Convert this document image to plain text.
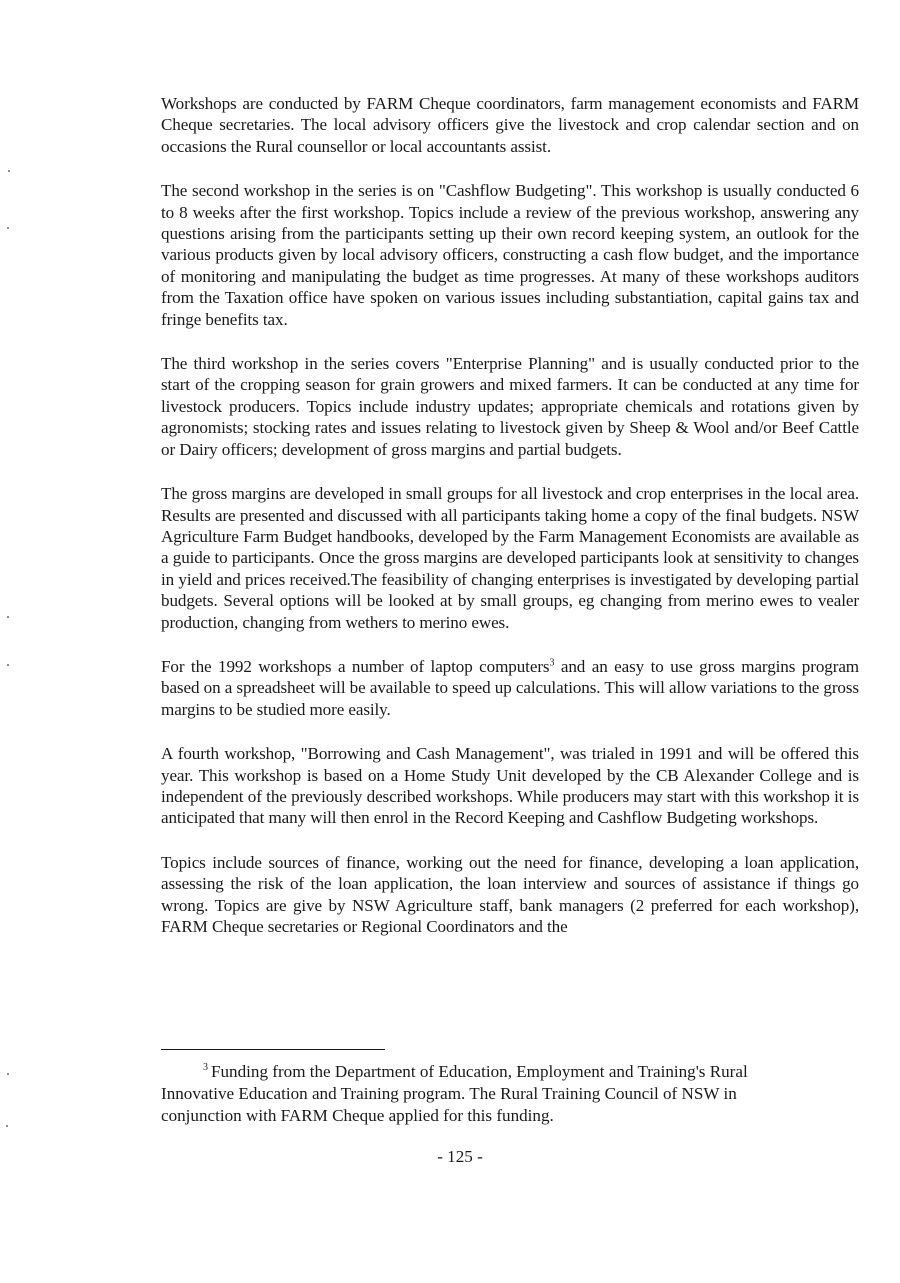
Workshops are conducted by FARM Cheque coordinators, farm management economists and FARM Cheque secretaries. The local advisory officers give the livestock and crop calendar section and on occasions the Rural counsellor or local accountants assist.

The second workshop in the series is on "Cashflow Budgeting". This workshop is usually conducted 6 to 8 weeks after the first workshop. Topics include a review of the previous workshop, answering any questions arising from the participants setting up their own record keeping system, an outlook for the various products given by local advisory officers, constructing a cash flow budget, and the importance of monitoring and manipulating the budget as time progresses. At many of these workshops auditors from the Taxation office have spoken on various issues including substantiation, capital gains tax and fringe benefits tax.

The third workshop in the series covers "Enterprise Planning" and is usually conducted prior to the start of the cropping season for grain growers and mixed farmers. It can be conducted at any time for livestock producers. Topics include industry updates; appropriate chemicals and rotations given by agronomists; stocking rates and issues relating to livestock given by Sheep & Wool and/or Beef Cattle or Dairy officers; development of gross margins and partial budgets.

The gross margins are developed in small groups for all livestock and crop enterprises in the local area. Results are presented and discussed with all participants taking home a copy of the final budgets. NSW Agriculture Farm Budget handbooks, developed by the Farm Management Economists are available as a guide to participants. Once the gross margins are developed participants look at sensitivity to changes in yield and prices received.The feasibility of changing enterprises is investigated by developing partial budgets. Several options will be looked at by small groups, eg changing from merino ewes to vealer production, changing from wethers to merino ewes.

For the 1992 workshops a number of laptop computers$^3$ and an easy to use gross margins program based on a spreadsheet will be available to speed up calculations. This will allow variations to the gross margins to be studied more easily.

A fourth workshop, "Borrowing and Cash Management", was trialed in 1991 and will be offered this year. This workshop is based on a Home Study Unit developed by the CB Alexander College and is independent of the previously described workshops. While producers may start with this workshop it is anticipated that many will then enrol in the Record Keeping and Cashflow Budgeting workshops.

Topics include sources of finance, working out the need for finance, developing a loan application, assessing the risk of the loan application, the loan interview and sources of assistance if things go wrong. Topics are give by NSW Agriculture staff, bank managers (2 preferred for each workshop), FARM Cheque secretaries or Regional Coordinators and the

$^3$ Funding from the Department of Education, Employment and Training's Rural Innovative Education and Training program. The Rural Training Council of NSW in conjunction with FARM Cheque applied for this funding.

- 125 -
